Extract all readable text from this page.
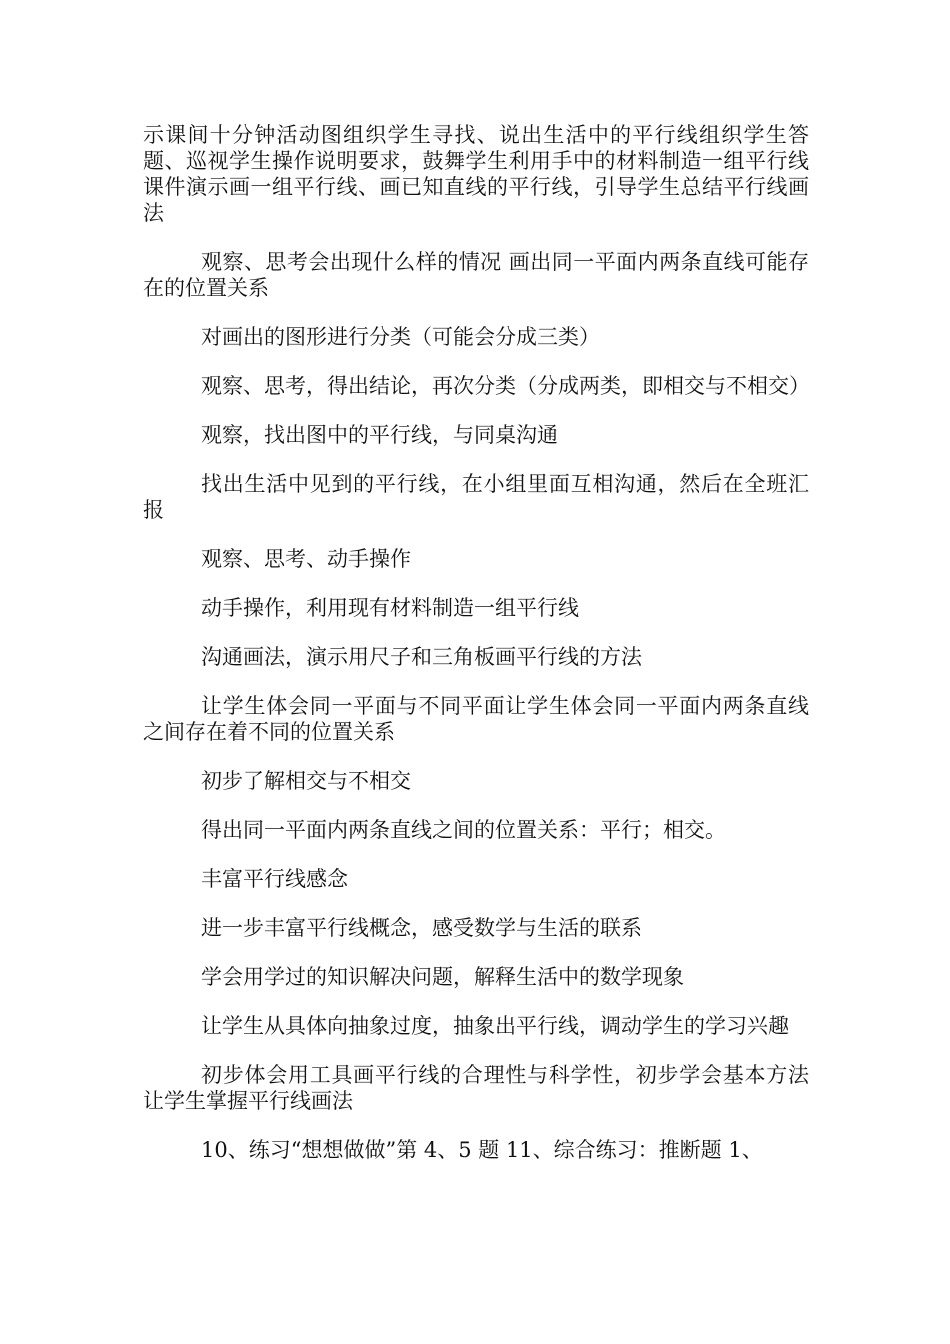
示课间十分钟活动图组织学生寻找、说出生活中的平行线组织学生答题、巡视学生操作说明要求，鼓舞学生利用手中的材料制造一组平行线课件演示画一组平行线、画已知直线的平行线，引导学生总结平行线画法

观察、思考会出现什么样的情况 画出同一平面内两条直线可能存在的位置关系

对画出的图形进行分类（可能会分成三类）

观察、思考，得出结论，再次分类（分成两类，即相交与不相交）

观察，找出图中的平行线，与同桌沟通

找出生活中见到的平行线，在小组里面互相沟通，然后在全班汇报

观察、思考、动手操作

动手操作，利用现有材料制造一组平行线

沟通画法，演示用尺子和三角板画平行线的方法

让学生体会同一平面与不同平面让学生体会同一平面内两条直线之间存在着不同的位置关系

初步了解相交与不相交

得出同一平面内两条直线之间的位置关系：平行；相交。

丰富平行线感念

进一步丰富平行线概念，感受数学与生活的联系

学会用学过的知识解决问题，解释生活中的数学现象

让学生从具体向抽象过度，抽象出平行线，调动学生的学习兴趣

初步体会用工具画平行线的合理性与科学性，初步学会基本方法让学生掌握平行线画法

10、练习“想想做做”第 4、5 题 11、综合练习：推断题 1、
